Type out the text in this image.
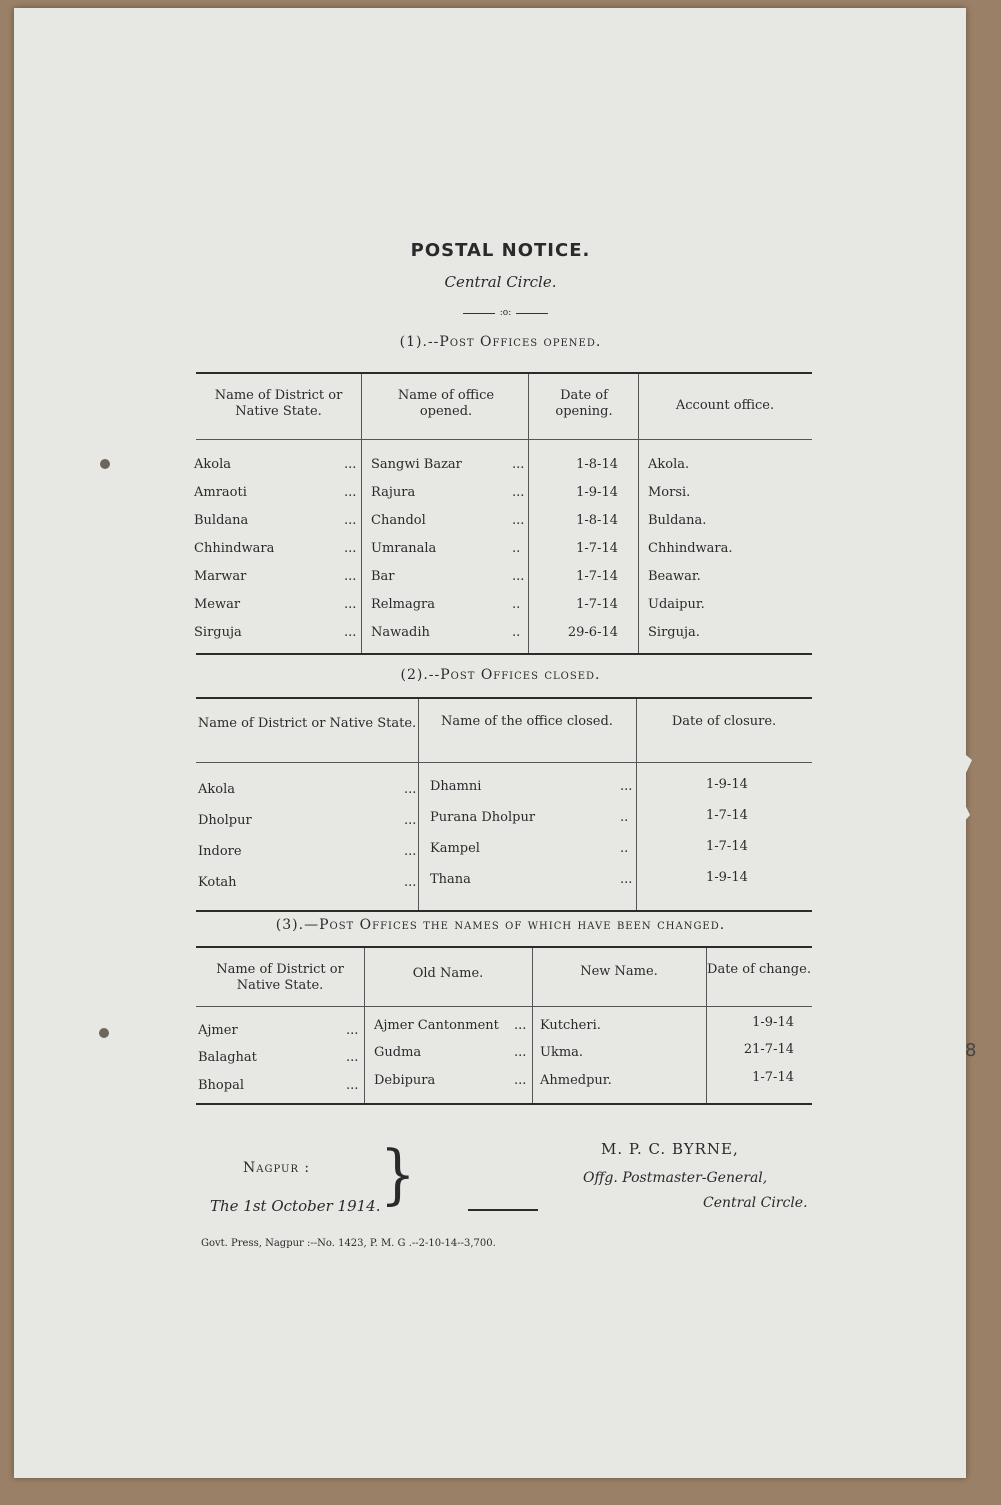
8
POSTAL NOTICE.
Central Circle.
:o:
(1).--Post Offices opened.
Name of District or Native State.
Name of office opened.
Date of opening.	Account office.
Akola	... Sangwi Bazar	...	1-8-14 Akola.
Amraoti	... Rajura	...	1-9-14 Morsi.
Buldana	... Chandol	...	1-8-14 Buldana.
Chhindwara	... Umranala	..	1-7-14 Chhindwara.
Marwar	... Bar	...	1-7-14 Beawar.
Mewar	... Relmagra	..	1-7-14 Udaipur.
Sirguja	... Nawadih	..	29-6-14 Sirguja.
(2).--Post Offices closed.
Name of District or Native State.	Name of the office closed.	Date of closure.
Akola	... Dhamni	...	1-9-14
Dholpur	... Purana Dholpur	..	1-7-14
Indore	... Kampel	..	1-7-14
Kotah	... Thana	...	1-9-14
(3).—Post Offices the names of which have been changed.
Name of District or Native State.
Old Name.	New Name.	Date of change.
Ajmer	... Ajmer Cantonment ... Kutcheri.	1-9-14
Balaghat	... Gudma	... Ukma.	21-7-14
Bhopal	... Debipura	... Ahmedpur.	1-7-14
Nagpur :
The 1st October 1914. }	M. P. C. BYRNE,
Offg. Postmaster-General,
Central Circle.
Govt. Press, Nagpur :--No. 1423, P. M. G .--2-10-14--3,700.
